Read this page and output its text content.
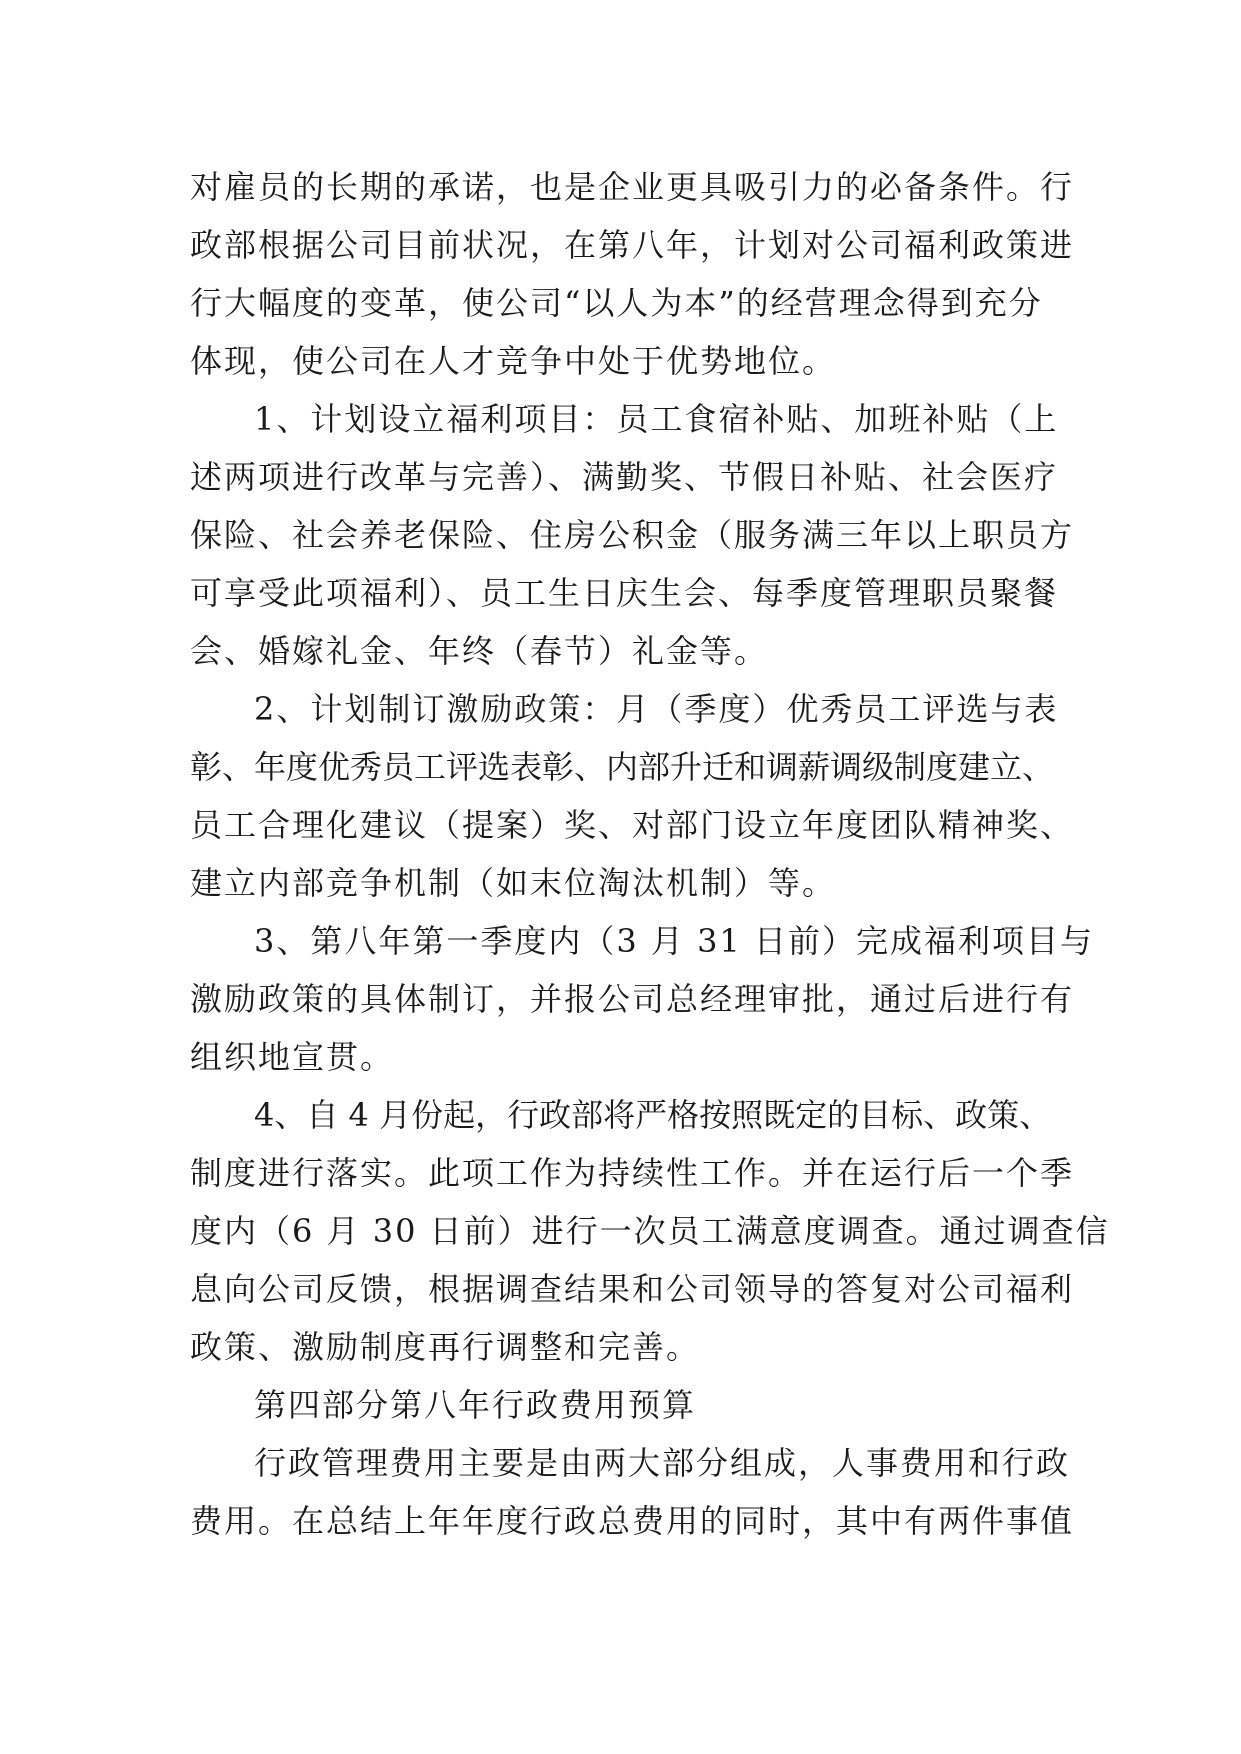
对雇员的长期的承诺，也是企业更具吸引力的必备条件。行
政部根据公司目前状况，在第八年，计划对公司福利政策进
行大幅度的变革，使公司“以人为本”的经营理念得到充分
体现，使公司在人才竞争中处于优势地位。
1、计划设立福利项目：员工食宿补贴、加班补贴（上
述两项进行改革与完善）、满勤奖、节假日补贴、社会医疗
保险、社会养老保险、住房公积金（服务满三年以上职员方
可享受此项福利）、员工生日庆生会、每季度管理职员聚餐
会、婚嫁礼金、年终（春节）礼金等。
2、计划制订激励政策：月（季度）优秀员工评选与表
彰、年度优秀员工评选表彰、内部升迁和调薪调级制度建立、
员工合理化建议（提案）奖、对部门设立年度团队精神奖、
建立内部竞争机制（如末位淘汰机制）等。
3、第八年第一季度内（3 月 31 日前）完成福利项目与
激励政策的具体制订，并报公司总经理审批，通过后进行有
组织地宣贯。
4、自 4 月份起，行政部将严格按照既定的目标、政策、
制度进行落实。此项工作为持续性工作。并在运行后一个季
度内（6 月 30 日前）进行一次员工满意度调查。通过调查信
息向公司反馈，根据调查结果和公司领导的答复对公司福利
政策、激励制度再行调整和完善。
第四部分第八年行政费用预算
行政管理费用主要是由两大部分组成，人事费用和行政
费用。在总结上年年度行政总费用的同时，其中有两件事值
